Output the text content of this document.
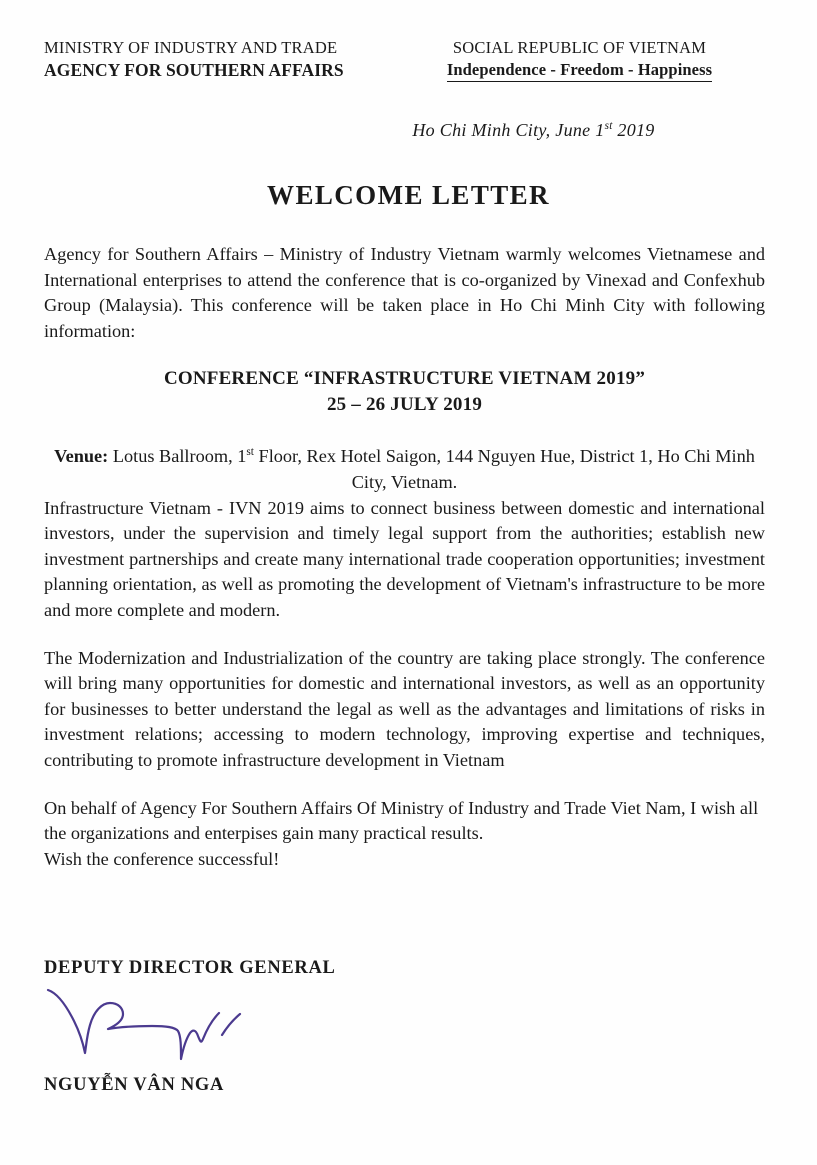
MINISTRY OF INDUSTRY AND TRADE
AGENCY FOR SOUTHERN AFFAIRS
SOCIAL REPUBLIC OF VIETNAM
Independence - Freedom - Happiness
Ho Chi Minh City, June 1st 2019
WELCOME LETTER

Agency for Southern Affairs – Ministry of Industry Vietnam warmly welcomes Vietnamese and International enterprises to attend the conference that is co-organized by Vinexad and Confexhub Group (Malaysia). This conference will be taken place in Ho Chi Minh City with following information:

CONFERENCE “INFRASTRUCTURE VIETNAM 2019”
25 – 26 JULY 2019
Venue: Lotus Ballroom, 1st Floor, Rex Hotel Saigon, 144 Nguyen Hue, District 1, Ho Chi Minh City, Vietnam.

Infrastructure Vietnam - IVN 2019 aims to connect business between domestic and international investors, under the supervision and timely legal support from the authorities; establish new investment partnerships and create many international trade cooperation opportunities; investment planning orientation, as well as promoting the development of Vietnam's infrastructure to be more and more complete and modern.

The Modernization and Industrialization of the country are taking place strongly. The conference will bring many opportunities for domestic and international investors, as well as an opportunity for businesses to better understand the legal as well as the advantages and limitations of risks in investment relations; accessing to modern technology, improving expertise and techniques, contributing to promote infrastructure development in Vietnam

On behalf of Agency For Southern Affairs Of Ministry of Industry and Trade Viet Nam, I wish all the organizations and enterpises gain many practical results.

Wish the conference successful!

DEPUTY DIRECTOR GENERAL
NGUYỄN VÂN NGA
